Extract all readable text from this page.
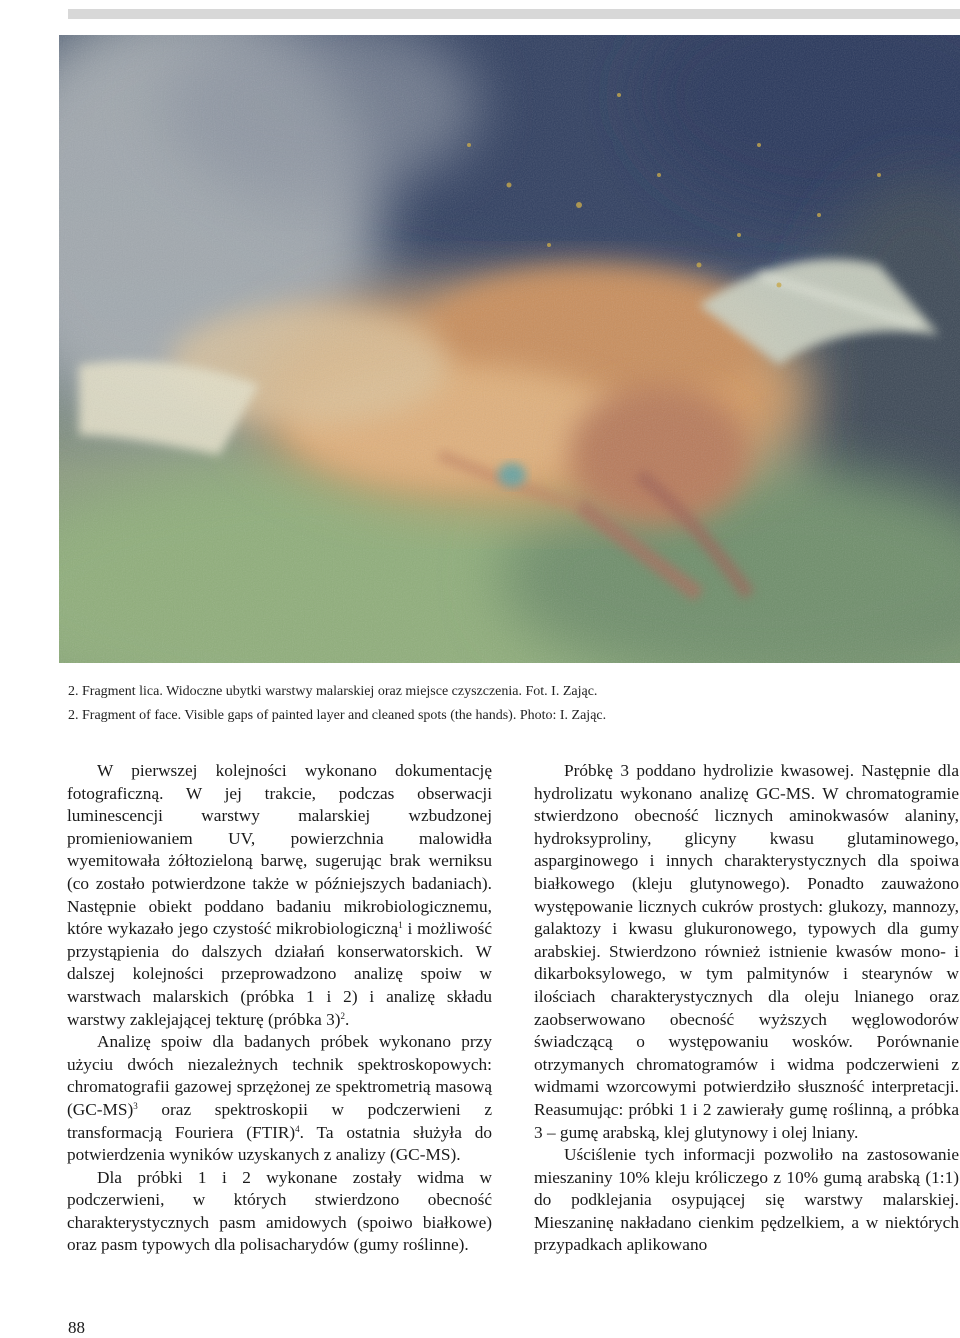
2. Fragment lica. Widoczne ubytki warstwy malarskiej oraz miejsce czyszczenia. Fot. I. Zając.
2. Fragment of face. Visible gaps of painted layer and cleaned spots (the hands). Photo: I. Zając.

W pierwszej kolejności wykonano dokumentację fotograficzną. W jej trakcie, podczas obserwacji luminescencji warstwy malarskiej wzbudzonej promieniowaniem UV, powierzchnia malowidła wyemitowała żółtozieloną barwę, sugerując brak werniksu (co zostało potwierdzone także w późniejszych badaniach). Następnie obiekt poddano badaniu mikrobiologicznemu, które wykazało jego czystość mikrobiologiczną$^1$ i możliwość przystąpienia do dalszych działań konserwatorskich. W dalszej kolejności przeprowadzono analizę spoiw w warstwach malarskich (próbka 1 i 2) i analizę składu warstwy zaklejającej tekturę (próbka 3)$^2$.

Analizę spoiw dla badanych próbek wykonano przy użyciu dwóch niezależnych technik spektroskopowych: chromatografii gazowej sprzężonej ze spektrometrią masową $(GC-MS)^3$ oraz spektroskopii w podczerwieni z transformacją Fouriera (FTIR)$^4$. Ta ostatnia służyła do potwierdzenia wyników uzyskanych z analizy (GC-MS).

Dla próbki 1 i 2 wykonane zostały widma w podczerwieni, w których stwierdzono obecność charakterystycznych pasm amidowych (spoiwo białkowe) oraz pasm typowych dla polisacharydów (gumy roślinne).

Próbkę 3 poddano hydrolizie kwasowej. Następnie dla hydrolizatu wykonano analizę GC-MS. W chromatogramie stwierdzono obecność licznych aminokwasów alaniny, hydroksyproliny, glicyny kwasu glutaminowego, asparginowego i innych charakterystycznych dla spoiwa białkowego (kleju glutynowego). Ponadto zauważono występowanie licznych cukrów prostych: glukozy, mannozy, galaktozy i kwasu glukuronowego, typowych dla gumy arabskiej. Stwierdzono również istnienie kwasów mono- i dikarboksylowego, w tym palmitynów i stearynów w ilościach charakterystycznych dla oleju lnianego oraz zaobserwowano obecność wyższych węglowodorów świadczącą o występowaniu wosków. Porównanie otrzymanych chromatogramów i widma podczerwieni z widmami wzorcowymi potwierdziło słuszność interpretacji. Reasumując: próbki 1 i 2 zawierały gumę roślinną, a próbka 3 – gumę arabską, klej glutynowy i olej lniany.

Uściślenie tych informacji pozwoliło na zastosowanie mieszaniny 10% kleju króliczego z 10% gumą arabską (1:1) do podklejania osypującej się warstwy malarskiej. Mieszaninę nakładano cienkim pędzelkiem, a w niektórych przypadkach aplikowano

88
